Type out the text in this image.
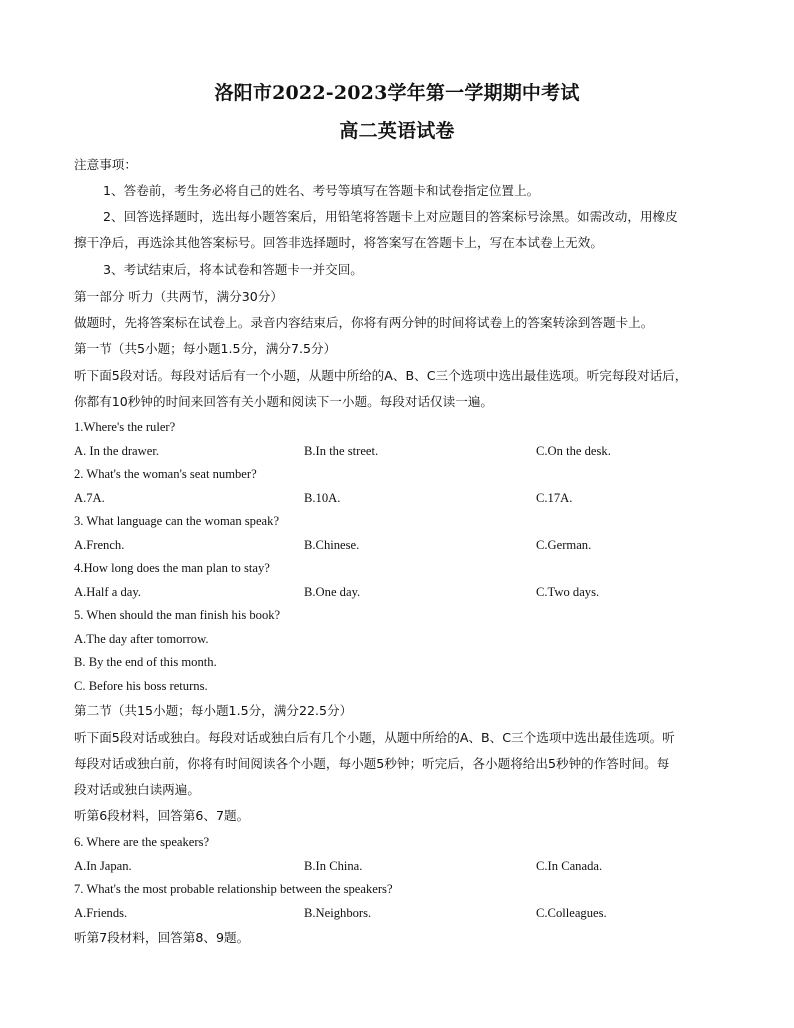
洛阳市2022-2023学年第一学期期中考试
高二英语试卷
注意事项：
1、答卷前，考生务必将自己的姓名、考号等填写在答题卡和试卷指定位置上。
2、回答选择题时，选出每小题答案后，用铅笔将答题卡上对应题目的答案标号涂黑。如需改动，用橡皮
擦干净后，再选涂其他答案标号。回答非选择题时，将答案写在答题卡上，写在本试卷上无效。
3、考试结束后，将本试卷和答题卡一并交回。
第一部分 听力（共两节，满分30分）
做题时，先将答案标在试卷上。录音内容结束后，你将有两分钟的时间将试卷上的答案转涂到答题卡上。
第一节（共5小题；每小题1.5分，满分7.5分）
听下面5段对话。每段对话后有一个小题，从题中所给的A、B、C三个选项中选出最佳选项。听完每段对话后，
你都有10秒钟的时间来回答有关小题和阅读下一小题。每段对话仅读一遍。
1.Where's the ruler?
A. In the drawer.	B.In the street.	C.On the desk.
2. What's the woman's seat number?
A.7A.	B.10A.	C.17A.
3. What language can the woman speak?
A.French.	B.Chinese.	C.German.
4.How long does the man plan to stay?
A.Half a day.	B.One day.	C.Two days.
5. When should the man finish his book?
A.The day after tomorrow.
B. By the end of this month.
C. Before his boss returns.
第二节（共15小题；每小题1.5分，满分22.5分）
听下面5段对话或独白。每段对话或独白后有几个小题，从题中所给的A、B、C三个选项中选出最佳选项。听
每段对话或独白前，你将有时间阅读各个小题，每小题5秒钟；听完后，各小题将给出5秒钟的作答时间。每
段对话或独白读两遍。
听第6段材料，回答第6、7题。
6. Where are the speakers?
A.In Japan.	B.In China.	C.In Canada.
7. What's the most probable relationship between the speakers?
A.Friends.	B.Neighbors.	C.Colleagues.
听第7段材料，回答第8、9题。
